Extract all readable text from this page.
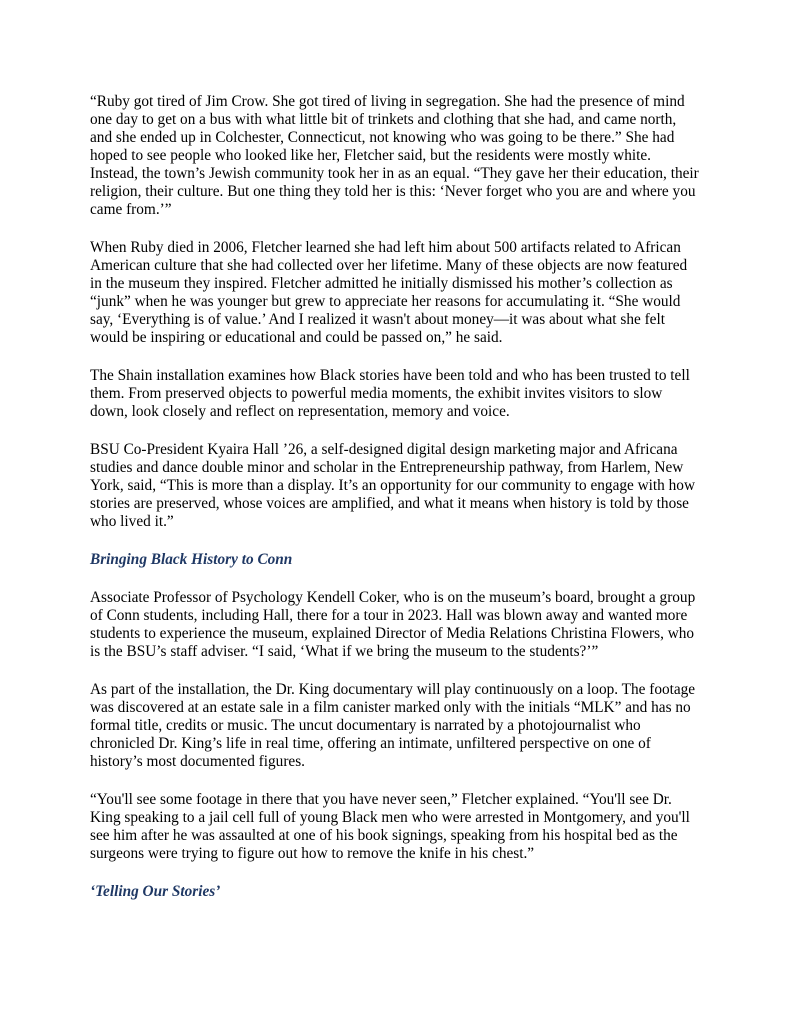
“Ruby got tired of Jim Crow. She got tired of living in segregation. She had the presence of mind one day to get on a bus with what little bit of trinkets and clothing that she had, and came north, and she ended up in Colchester, Connecticut, not knowing who was going to be there.” She had hoped to see people who looked like her, Fletcher said, but the residents were mostly white. Instead, the town’s Jewish community took her in as an equal. “They gave her their education, their religion, their culture. But one thing they told her is this: ‘Never forget who you are and where you came from.’”

When Ruby died in 2006, Fletcher learned she had left him about 500 artifacts related to African American culture that she had collected over her lifetime. Many of these objects are now featured in the museum they inspired. Fletcher admitted he initially dismissed his mother’s collection as “junk” when he was younger but grew to appreciate her reasons for accumulating it. “She would say, ‘Everything is of value.’ And I realized it wasn't about money—it was about what she felt would be inspiring or educational and could be passed on,” he said.

The Shain installation examines how Black stories have been told and who has been trusted to tell them. From preserved objects to powerful media moments, the exhibit invites visitors to slow down, look closely and reflect on representation, memory and voice.

BSU Co-President Kyaira Hall ’26, a self-designed digital design marketing major and Africana studies and dance double minor and scholar in the Entrepreneurship pathway, from Harlem, New York, said, “This is more than a display. It’s an opportunity for our community to engage with how stories are preserved, whose voices are amplified, and what it means when history is told by those who lived it.”

Bringing Black History to Conn

Associate Professor of Psychology Kendell Coker, who is on the museum’s board, brought a group of Conn students, including Hall, there for a tour in 2023. Hall was blown away and wanted more students to experience the museum, explained Director of Media Relations Christina Flowers, who is the BSU’s staff adviser. “I said, ‘What if we bring the museum to the students?’”

As part of the installation, the Dr. King documentary will play continuously on a loop. The footage was discovered at an estate sale in a film canister marked only with the initials “MLK” and has no formal title, credits or music. The uncut documentary is narrated by a photojournalist who chronicled Dr. King’s life in real time, offering an intimate, unfiltered perspective on one of history’s most documented figures.

“You'll see some footage in there that you have never seen,” Fletcher explained. “You'll see Dr. King speaking to a jail cell full of young Black men who were arrested in Montgomery, and you'll see him after he was assaulted at one of his book signings, speaking from his hospital bed as the surgeons were trying to figure out how to remove the knife in his chest.”

‘Telling Our Stories’
